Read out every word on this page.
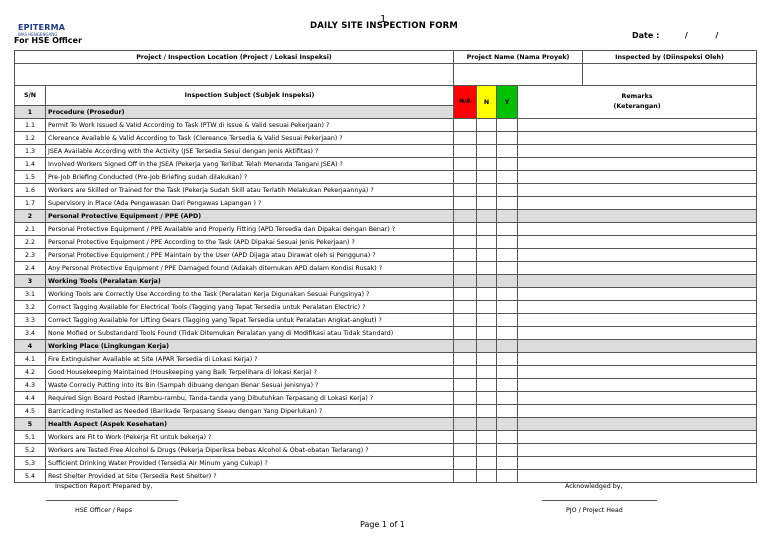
1
EPITERMA
WAS HENGENGANG
For HSE Officer
DAILY SITE INSPECTION FORM
Date :	/	/
Project / Inspection Location (Project / Lokasi Inspeksi)		Project Name (Nama Proyek)				Inspected by (Diinspeksi Oleh)

S/N	Inspection Subject (Subjek Inspeksi)	N/A	N	Y	Remarks
(Keterangan)	

1	Procedure (Prosedur)					
1.1	Permit To Work Issued & Valid According to Task (PTW di issue & Valid sesuai Pekerjaan) ?					
1.2	Clereance Available & Valid According to Task (Clereance Tersedia & Valid Sesuai Pekerjaan) ?					
1.3	JSEA Available According with the Activity (JSE Tersedia Sesui dengan Jenis Aktifitas) ?					
1.4	Involved Workers Signed Off in the JSEA (Pekerja yang Terlibat Telah Menanda Tangani JSEA) ?					
1.5	Pre-Job Briefing Conducted (Pre-Job Briefing sudah dilakukan) ?					
1.6	Workers are Skilled or Trained for the Task (Pekerja Sudah Skill atau Terlatih Melakukan Pekerjaannya) ?					
1.7	Supervisory in Place (Ada Pengawasan Dari Pengawas Lapangan ) ?					
2	Personal Protective Equipment / PPE (APD)					
2.1	Personal Protective Equipment / PPE Available and Properly Fitting (APD Tersedia dan Dipakai dengan Benar) ?					
2.2	Personal Protective Equipment / PPE According to the Task (APD Dipakai Sesuai Jenis Pekerjaan) ?					
2.3	Personal Protective Equipment / PPE Maintain by the User (APD Dijaga atau Dirawat oleh si Pengguna) ?					
2.4	Any Personal Protective Equipment / PPE Damaged found (Adakah ditemukan APD dalam Kondisi Rusak) ?					
3	Working Tools (Peralatan Kerja)					
3.1	Working Tools are Correctly Use According to the Task (Peralatan Kerja Digunakan Sesuai Fungsinya) ?					
3.2	Correct Tagging Available for Electrical Tools (Tagging yang Tepat Tersedia untuk Peralatan Electric) ?					
3.3	Correct Tagging Available for Lifting Gears (Tagging yang Tepat Tersedia untuk Peralatan Angkat-angkut) ?					
3.4	None Mofied or Substandard Tools Found (Tidak Ditemukan Peralatan yang di Modifikasi atau Tidak Standard)					
4	Working Place (Lingkungan Kerja)					
4.1	Fire Extinguisher Available at Site (APAR Tersedia di Lokasi Kerja) ?					
4.2	Good Housekeeping Maintained (Houskeeping yang Baik Terpelihara di lokasi Kerja) ?					
4.3	Waste Correcly Putting into its Bin (Sampah dibuang dengan Benar Sesuai Jenisnya) ?					
4.4	Required Sign Board Posted (Rambu-rambu, Tanda-tanda yang Dibutuhkan Terpasang di Lokasi Kerja) ?					
4.5	Barricading Installed as Needed (Barikade Terpasang Sseau dengan Yang Diperlukan) ?					
5	Health Aspect (Aspek Kesehatan)					
5,1	Workers are Fit to Work (Pekerja Fit untuk bekerja) ?					
5,2	Workers are Tested Free Alcohol & Drugs (Pekerja Diperiksa bebas Alcohol & Obat-obatan Terlarang) ?					
5,3	Sufficient Drinking Water Provided (Tersedia Air Minum yang Cukup) ?					
5.4	Rest Shelter Provided at Site (Tersedia Rest Shelter) ?					
Inspection Report Prepared by,	Acknowledged by,
HSE Officer / Reps	PJO / Project Head
Page 1 of 1
